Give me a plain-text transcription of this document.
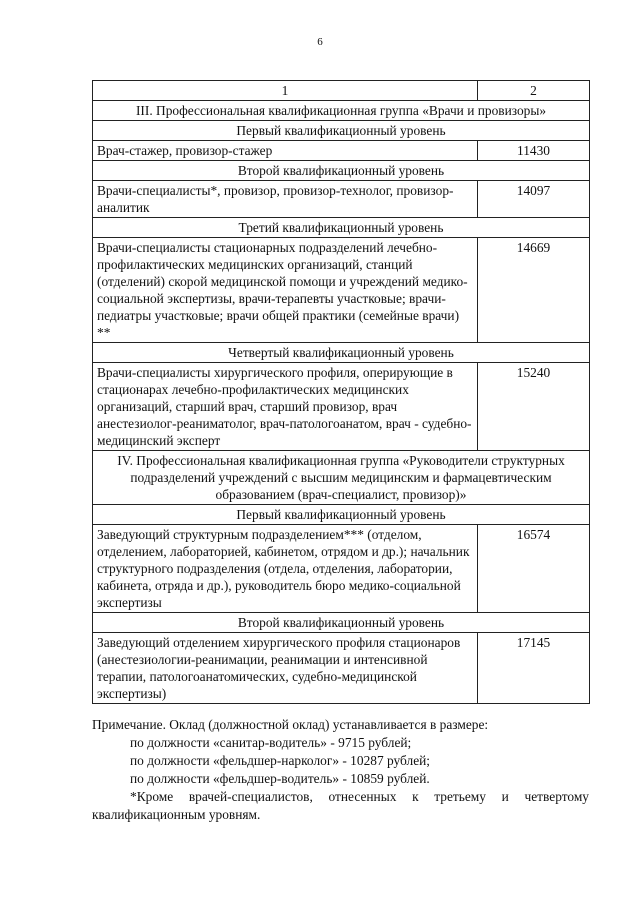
6
1	2
III. Профессиональная квалификационная группа «Врачи и провизоры»	
Первый квалификационный уровень	
Врач-стажер, провизор-стажер	11430
Второй квалификационный уровень	
Врачи-специалисты*, провизор, провизор-технолог, провизор-аналитик	14097
Третий квалификационный уровень	
Врачи-специалисты стационарных подразделений лечебно-профилактических медицинских организаций, станций (отделений) скорой медицинской помощи и учреждений медико-социальной экспертизы, врачи-терапевты участковые; врачи-педиатры участковые; врачи общей практики (семейные врачи) **	14669
Четвертый квалификационный уровень	
Врачи-специалисты хирургического профиля, оперирующие в стационарах лечебно-профилактических медицинских организаций, старший врач, старший провизор, врач анестезиолог-реаниматолог, врач-патологоанатом, врач - судебно-медицинский эксперт	15240
IV. Профессиональная квалификационная группа «Руководители структурных подразделений учреждений с высшим медицинским и фармацевтическим образованием (врач-специалист, провизор)»	
Первый квалификационный уровень	
Заведующий структурным подразделением*** (отделом, отделением, лабораторией, кабинетом, отрядом и др.); начальник структурного подразделения (отдела, отделения, лаборатории, кабинета, отряда и др.), руководитель бюро медико-социальной экспертизы	16574
Второй квалификационный уровень	
Заведующий отделением хирургического профиля стационаров (анестезиологии-реанимации, реанимации и интенсивной терапии, патологоанатомических, судебно-медицинской экспертизы)	17145

Примечание. Оклад (должностной оклад) устанавливается в размере:

по должности «санитар-водитель» - 9715 рублей;

по должности «фельдшер-нарколог» - 10287 рублей;

по должности «фельдшер-водитель» - 10859 рублей.

*Кроме врачей-специалистов, отнесенных к третьему и четвертому квалификационным уровням.
